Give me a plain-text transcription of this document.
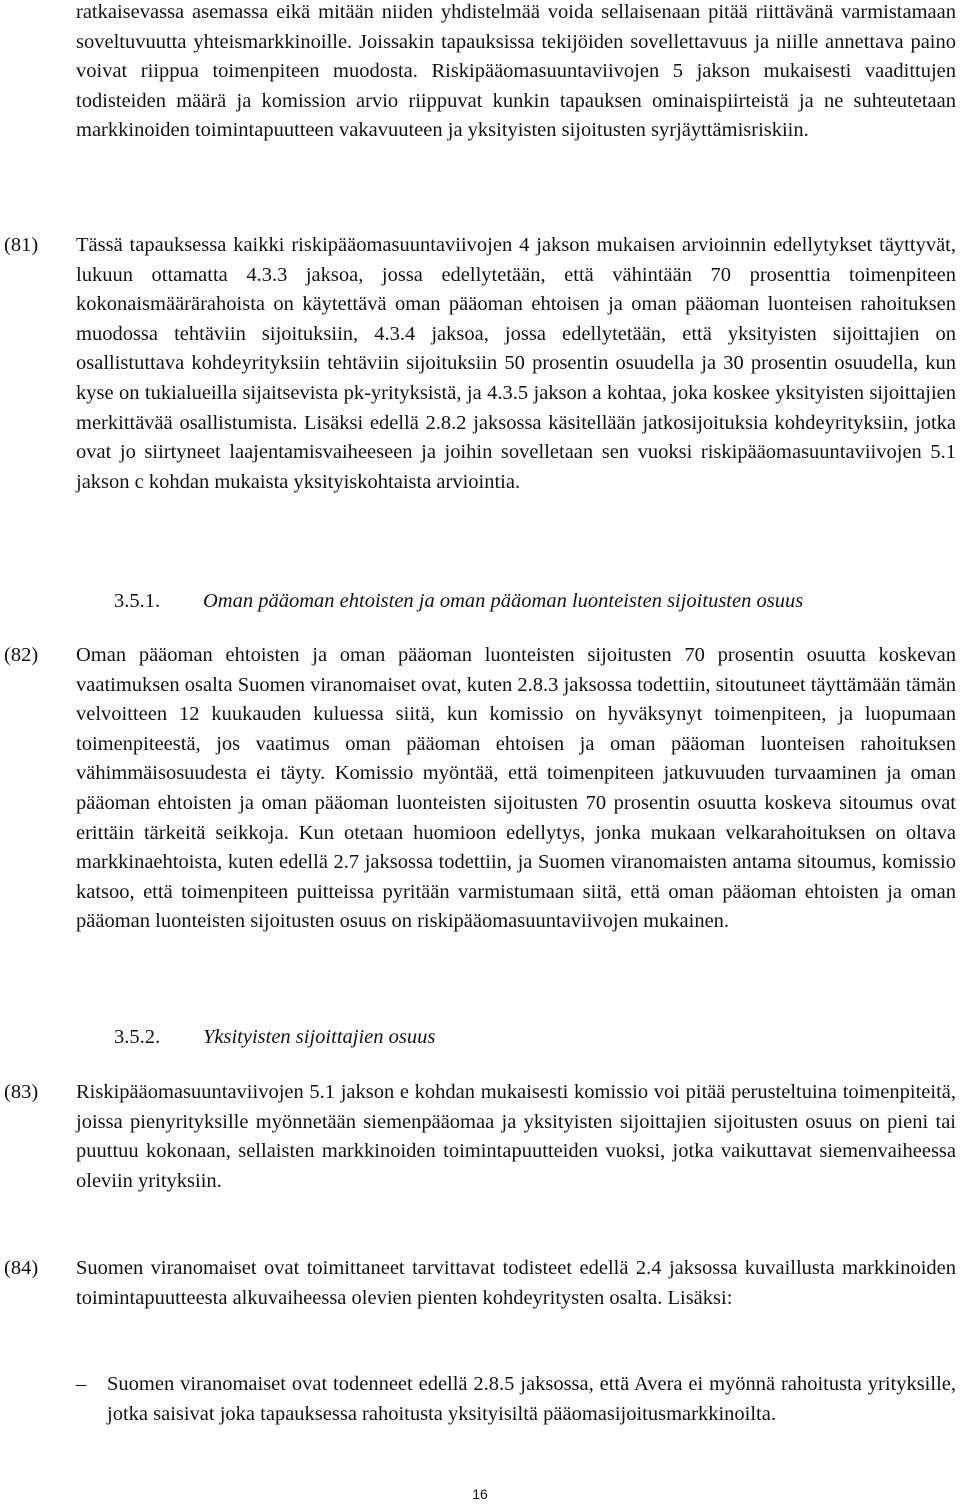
ratkaisevassa asemassa eikä mitään niiden yhdistelmää voida sellaisenaan pitää riittävänä varmistamaan soveltuvuutta yhteismarkkinoille. Joissakin tapauksissa tekijöiden sovellettavuus ja niille annettava paino voivat riippua toimenpiteen muodosta. Riskipääomasuuntaviivojen 5 jakson mukaisesti vaadittujen todisteiden määrä ja komission arvio riippuvat kunkin tapauksen ominaispiirteistä ja ne suhteutetaan markkinoiden toimintapuutteen vakavuuteen ja yksityisten sijoitusten syrjäyttämisriskiin.

(81) Tässä tapauksessa kaikki riskipääomasuuntaviivojen 4 jakson mukaisen arvioinnin edellytykset täyttyvät, lukuun ottamatta 4.3.3 jaksoa, jossa edellytetään, että vähintään 70 prosenttia toimenpiteen kokonaismäärärahoista on käytettävä oman pääoman ehtoisen ja oman pääoman luonteisen rahoituksen muodossa tehtäviin sijoituksiin, 4.3.4 jaksoa, jossa edellytetään, että yksityisten sijoittajien on osallistuttava kohdeyrityksiin tehtäviin sijoituksiin 50 prosentin osuudella ja 30 prosentin osuudella, kun kyse on tukialueilla sijaitsevista pk-yrityksistä, ja 4.3.5 jakson a kohtaa, joka koskee yksityisten sijoittajien merkittävää osallistumista. Lisäksi edellä 2.8.2 jaksossa käsitellään jatkosijoituksia kohdeyrityksiin, jotka ovat jo siirtyneet laajentamisvaiheeseen ja joihin sovelletaan sen vuoksi riskipääomasuuntaviivojen 5.1 jakson c kohdan mukaista yksityiskohtaista arviointia.

3.5.1. Oman pääoman ehtoisten ja oman pääoman luonteisten sijoitusten osuus
(82) Oman pääoman ehtoisten ja oman pääoman luonteisten sijoitusten 70 prosentin osuutta koskevan vaatimuksen osalta Suomen viranomaiset ovat, kuten 2.8.3 jaksossa todettiin, sitoutuneet täyttämään tämän velvoitteen 12 kuukauden kuluessa siitä, kun komissio on hyväksynyt toimenpiteen, ja luopumaan toimenpiteestä, jos vaatimus oman pääoman ehtoisen ja oman pääoman luonteisen rahoituksen vähimmäisosuudesta ei täyty. Komissio myöntää, että toimenpiteen jatkuvuuden turvaaminen ja oman pääoman ehtoisten ja oman pääoman luonteisten sijoitusten 70 prosentin osuutta koskeva sitoumus ovat erittäin tärkeitä seikkoja. Kun otetaan huomioon edellytys, jonka mukaan velkarahoituksen on oltava markkinaehtoista, kuten edellä 2.7 jaksossa todettiin, ja Suomen viranomaisten antama sitoumus, komissio katsoo, että toimenpiteen puitteissa pyritään varmistumaan siitä, että oman pääoman ehtoisten ja oman pääoman luonteisten sijoitusten osuus on riskipääomasuuntaviivojen mukainen.

3.5.2. Yksityisten sijoittajien osuus
(83) Riskipääomasuuntaviivojen 5.1 jakson e kohdan mukaisesti komissio voi pitää perusteltuina toimenpiteitä, joissa pienyrityksille myönnetään siemenpääomaa ja yksityisten sijoittajien sijoitusten osuus on pieni tai puuttuu kokonaan, sellaisten markkinoiden toimintapuutteiden vuoksi, jotka vaikuttavat siemenvaiheessa oleviin yrityksiin.

(84) Suomen viranomaiset ovat toimittaneet tarvittavat todisteet edellä 2.4 jaksossa kuvaillusta markkinoiden toimintapuutteesta alkuvaiheessa olevien pienten kohdeyritysten osalta. Lisäksi:

– Suomen viranomaiset ovat todenneet edellä 2.8.5 jaksossa, että Avera ei myönnä rahoitusta yrityksille, jotka saisivat joka tapauksessa rahoitusta yksityisiltä pääomasijoitusmarkkinoilta.

16
